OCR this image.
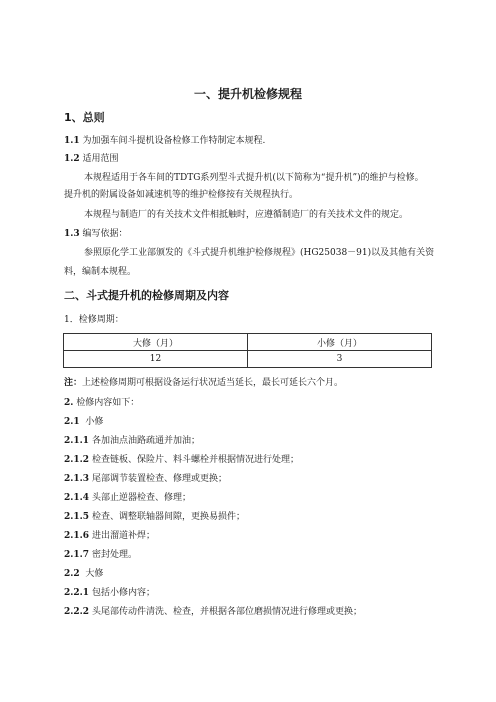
一、提升机检修规程
1、总则
1.1 为加强车间斗提机设备检修工作特制定本规程.
1.2 适用范围
本规程适用于各车间的TDTG系列型斗式提升机(以下简称为“提升机”)的维护与检修。
提升机的附属设备如减速机等的维护检修按有关规程执行。
本规程与制造厂的有关技术文件相抵触时，应遵循制造厂的有关技术文件的规定。
1.3 编写依据：
参照原化学工业部颁发的《斗式提升机维护检修规程》(HG25038－91)以及其他有关资
料，编制本规程。
二、斗式提升机的检修周期及内容
1．检修周期：
大修（月）	小修（月）
12	3
注：上述检修周期可根据设备运行状况适当延长，最长可延长六个月。
2. 检修内容如下：
2.1 小修
2.1.1 各加油点油路疏通并加油；
2.1.2 检查链板、保险片、料斗螺栓并根据情况进行处理；
2.1.3 尾部调节装置检查、修理或更换；
2.1.4 头部止逆器检查、修理；
2.1.5 检查、调整联轴器间隙，更换易损件；
2.1.6 进出溜道补焊；
2.1.7 密封处理。
2.2 大修
2.2.1 包括小修内容；
2.2.2 头尾部传动件清洗、检查，并根据各部位磨损情况进行修理或更换；
